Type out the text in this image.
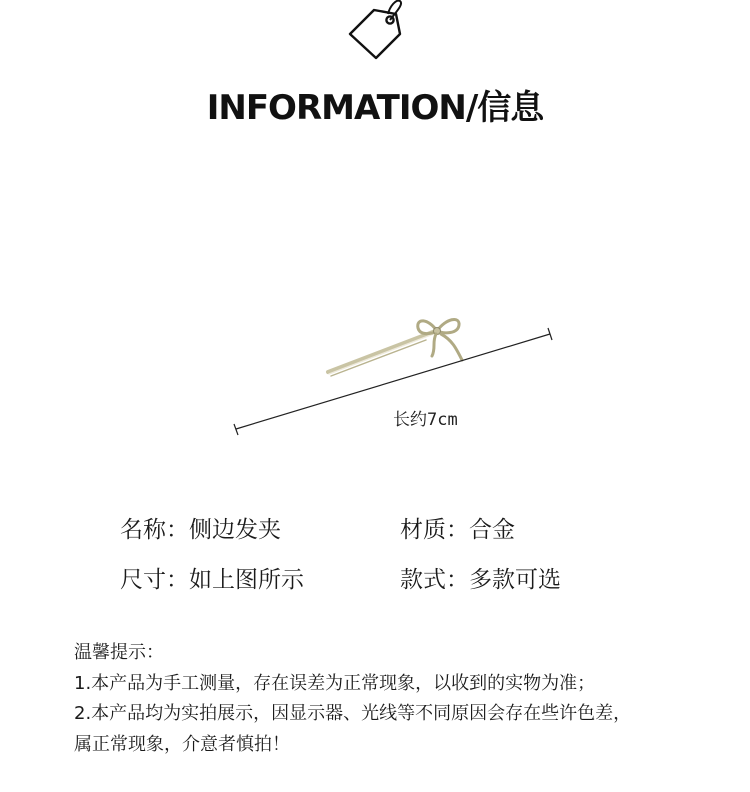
INFORMATION/信息
长约7cm
名称：侧边发夹	材质：合金
尺寸：如上图所示	款式：多款可选
温馨提示：
1.本产品为手工测量，存在误差为正常现象，以收到的实物为准；
2.本产品均为实拍展示，因显示器、光线等不同原因会存在些许色差，
属正常现象，介意者慎拍！
